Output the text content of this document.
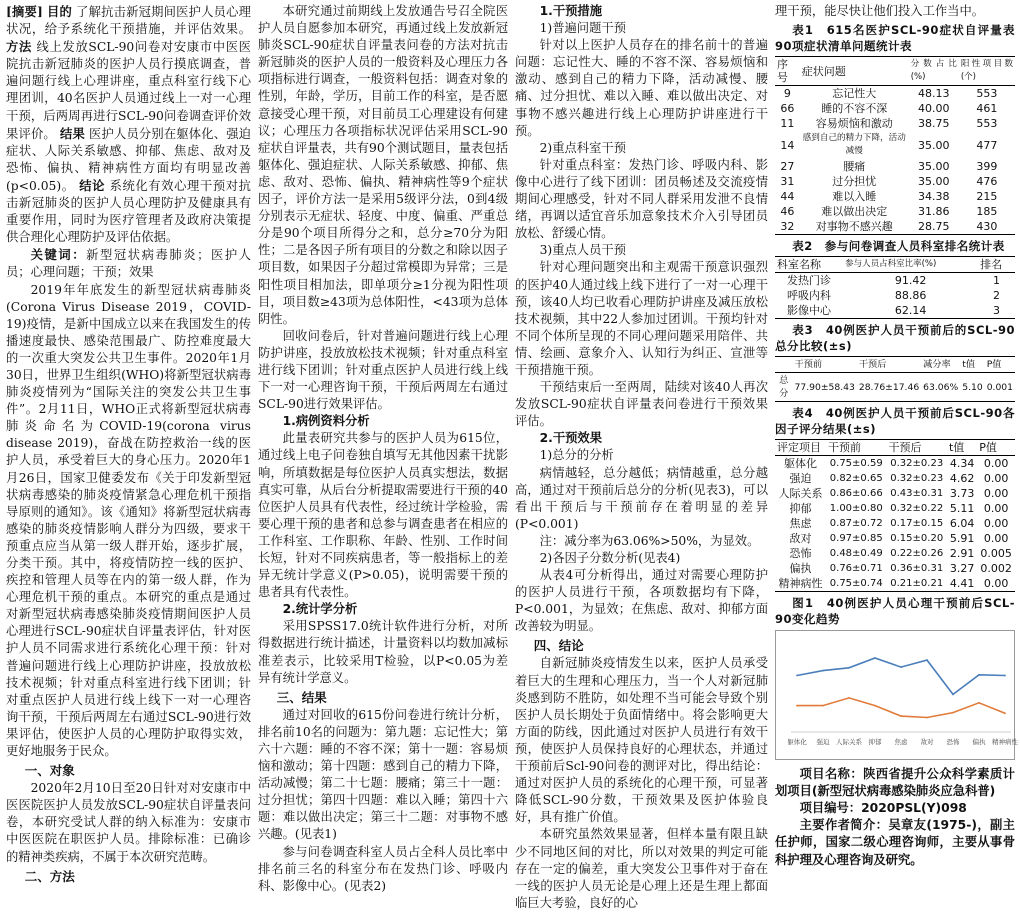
[摘要] 目的 了解抗击新冠期间医护人员心理状况，给予系统化干预措施，并评估效果。 方法 线上发放SCL-90问卷对安康市中医医院抗击新冠肺炎的医护人员行摸底调查，普遍问题行线上心理讲座，重点科室行线下心理团训，40名医护人员通过线上一对一心理干预，后两周再进行SCL-90问卷调查评价效果评价。 结果 医护人员分别在躯体化、强迫症状、人际关系敏感、抑郁、焦虑、敌对及恐怖、偏执、精神病性方面均有明显改善(p<0.05)。 结论 系统化有效心理干预对抗击新冠肺炎的医护人员心理防护及健康具有重要作用，同时为医疗管理者及政府决策提供合理化心理防护及评估依据。

关键词：新型冠状病毒肺炎；医护人员；心理问题；干预；效果

2019年年底发生的新型冠状病毒肺炎(Corona Virus Disease 2019，COVID-19)疫情，是新中国成立以来在我国发生的传播速度最快、感染范围最广、防控难度最大的一次重大突发公共卫生事件。2020年1月30日，世界卫生组织(WHO)将新型冠状病毒肺炎疫情列为“国际关注的突发公共卫生事件”。2月11日，WHO正式将新型冠状病毒肺炎命名为COVID-19(corona virus disease 2019)，奋战在防控救治一线的医护人员，承受着巨大的身心压力。2020年1月26日，国家卫健委发布《关于印发新型冠状病毒感染的肺炎疫情紧急心理危机干预指导原则的通知》。该《通知》将新型冠状病毒感染的肺炎疫情影响人群分为四级，要求干预重点应当从第一级人群开始，逐步扩展，分类干预。其中，将疫情防控一线的医护、疾控和管理人员等在内的第一级人群，作为心理危机干预的重点。本研究的重点是通过对新型冠状病毒感染肺炎疫情期间医护人员心理进行SCL-90症状自评量表评估，针对医护人员不同需求进行系统化心理干预：针对普遍问题进行线上心理防护讲座，投放放松技术视频；针对重点科室进行线下团训；针对重点医护人员进行线上线下一对一心理咨询干预，干预后两周左右通过SCL-90进行效果评估，使医护人员的心理防护取得实效，更好地服务于民众。

一、对象

2020年2月10日至20日针对对安康市中医医院医护人员发放SCL-90症状自评量表问卷，本研究受试人群的纳入标准为：安康市中医医院在职医护人员。排除标准：已确诊的精神类疾病，不属于本次研究范畴。

二、方法

本研究通过前期线上发放通告号召全院医护人员自愿参加本研究，再通过线上发放新冠肺炎SCL-90症状自评量表问卷的方法对抗击新冠肺炎的医护人员的一般资料及心理压力各项指标进行调查，一般资料包括：调查对象的性别，年龄，学历，目前工作的科室，是否愿意接受心理干预，对目前员工心理建设有何建议；心理压力各项指标状况评估采用SCL-90症状自评量表，共有90个测试题目，量表包括躯体化、强迫症状、人际关系敏感、抑郁、焦虑、敌对、恐怖、偏执、精神病性等9个症状因子，评价方法一是采用5级评分法，0到4级分别表示无症状、轻度、中度、偏重、严重总分是90个项目所得分之和，总分≥70分为阳性；二是各因子所有项目的分数之和除以因子项目数，如果因子分超过常模即为异常；三是阳性项目相加法，即单项分≥1分视为阳性项目，项目数≥43项为总体阳性，<43项为总体阴性。

回收问卷后，针对普遍问题进行线上心理防护讲座，投放放松技术视频；针对重点科室进行线下团训；针对重点医护人员进行线上线下一对一心理咨询干预，干预后两周左右通过SCL-90进行效果评估。

1.病例资料分析

此量表研究共参与的医护人员为615位，通过线上电子问卷独自填写无其他因素干扰影响，所填数据是每位医护人员真实想法，数据真实可靠，从后台分析提取需要进行干预的40位医护人员具有代表性，经过统计学检验，需要心理干预的患者和总参与调查患者在相应的工作科室、工作职称、年龄、性别、工作时间长短，针对不同疾病患者，等一般指标上的差异无统计学意义(P>0.05)，说明需要干预的患者具有代表性。

2.统计学分析

采用SPSS17.0统计软件进行分析，对所得数据进行统计描述，计量资料以均数加减标准差表示，比较采用T检验，以P<0.05为差异有统计学意义。

三、结果

通过对回收的615份问卷进行统计分析，排名前10名的问题为：第九题：忘记性大；第六十六题：睡的不容不深；第十一题：容易烦恼和激动；第十四题：感到自己的精力下降，活动减慢；第二十七题：腰痛；第三十一题：过分担忧；第四十四题：难以入睡；第四十六题：难以做出决定；第三十二题：对事物不感兴趣。(见表1)

参与问卷调查科室人员占全科人员比率中排名前三名的科室分布在发热门诊、呼吸内科、影像中心。(见表2)

1.干预措施
1)普遍问题干预

针对以上医护人员存在的排名前十的普遍问题：忘记性大、睡的不容不深、容易烦恼和激动、感到自己的精力下降，活动减慢、腰痛、过分担忧、难以入睡、难以做出决定、对事物不感兴趣进行线上心理防护讲座进行干预。

2)重点科室干预

针对重点科室：发热门诊、呼吸内科、影像中心进行了线下团训：团员畅述及交流疫情期间心理感受，针对不同人群采用发泄不良情绪，再调以适宜音乐加意象技术介入引导团员放松、舒缓心情。

3)重点人员干预

针对心理问题突出和主观需干预意识强烈的医护40人通过线上线下进行了一对一心理干预，该40人均已收看心理防护讲座及减压放松技术视频，其中22人参加过团训。干预均针对不同个体所呈现的不同心理问题采用陪伴、共情、绘画、意象介入、认知行为纠正、宣泄等干预措施干预。

干预结束后一至两周，陆续对该40人再次发放SCL-90症状自评量表问卷进行干预效果评估。

2.干预效果
1)总分的分析

病情越轻，总分越低；病情越重，总分越高，通过对干预前后总分的分析(见表3)，可以看出干预后与干预前存在着明显的差异(P<0.001)

注：减分率为63.06%>50%，为显效。

2)各因子分数分析(见表4)

从表4可分析得出，通过对需要心理防护的医护人员进行干预，各项数据均有下降，P<0.001，为显效；在焦虑、敌对、抑郁方面改善较为明显。

四、结论

自新冠肺炎疫情发生以来，医护人员承受着巨大的生理和心理压力，当一个人对新冠肺炎感到防不胜防，如处理不当可能会导致个别医护人员长期处于负面情绪中。将会影响更大方面的防线，因此通过对医护人员进行有效干预，使医护人员保持良好的心理状态，并通过干预前后Scl-90问卷的测评对比，得出结论：通过对医护人员的系统化的心理干预，可显著降低SCL-90分数，干预效果及医护体验良好，具有推广价值。

本研究虽然效果显著，但样本量有限且缺少不同地区间的对比，所以对效果的判定可能存在一定的偏差，重大突发公卫事件对于奋在一线的医护人员无论是心理上还是生理上都面临巨大考验，良好的心

理干预，能尽快让他们投入工作当中。

表1　615名医护SCL-90症状自评量表90项症状清单问题统计表
序号	症状问题	分数占比(%)	阳性项目数(个)
9	忘记性大	48.13	553
66	睡的不容不深	40.00	461
11	容易烦恼和激动	38.75	553
14	感到自己的精力下降，活动减慢	35.00	477
27	腰痛	35.00	399
31	过分担忧	35.00	476
44	难以入睡	34.38	215
46	难以做出决定	31.86	185
32	对事物不感兴趣	28.75	430
表2　参与问卷调查人员科室排名统计表
科室名称	参与人员占科室比率(%)	排名
发热门诊	91.42	1
呼吸内科	88.86	2
影像中心	62.14	3
表3　40例医护人员干预前后的SCL-90总分比较(±s)
	干预前	干预后	减分率	t值	P值
总分	77.90±58.43	28.76±17.46	63.06%	5.10	0.001
表4　40例医护人员干预前后SCL-90各因子评分结果(±s)
评定项目	干预前	干预后	t值	P值
躯体化	0.75±0.59	0.32±0.23	4.34	0.00
强迫	0.82±0.65	0.32±0.23	4.62	0.00
人际关系	0.86±0.66	0.43±0.31	3.73	0.00
抑郁	1.00±0.80	0.32±0.22	5.11	0.00
焦虑	0.87±0.72	0.17±0.15	6.04	0.00
敌对	0.97±0.85	0.15±0.20	5.91	0.00
恐怖	0.48±0.49	0.22±0.26	2.91	0.005
偏执	0.76±0.71	0.36±0.31	3.27	0.002
精神病性	0.75±0.74	0.21±0.21	4.41	0.00
图1　40例医护人员心理干预前后SCL-90变化趋势
躯体化 强迫 人际关系 抑郁 焦虑 敌对 恐怖 偏执 精神病性

项目名称：陕西省提升公众科学素质计划项目(新型冠状病毒感染肺炎应急科普)

项目编号：2020PSL(Y)098

主要作者简介：吴章友(1975-)，副主任护师，国家二级心理咨询师，主要从事骨科护理及心理咨询及研究。
